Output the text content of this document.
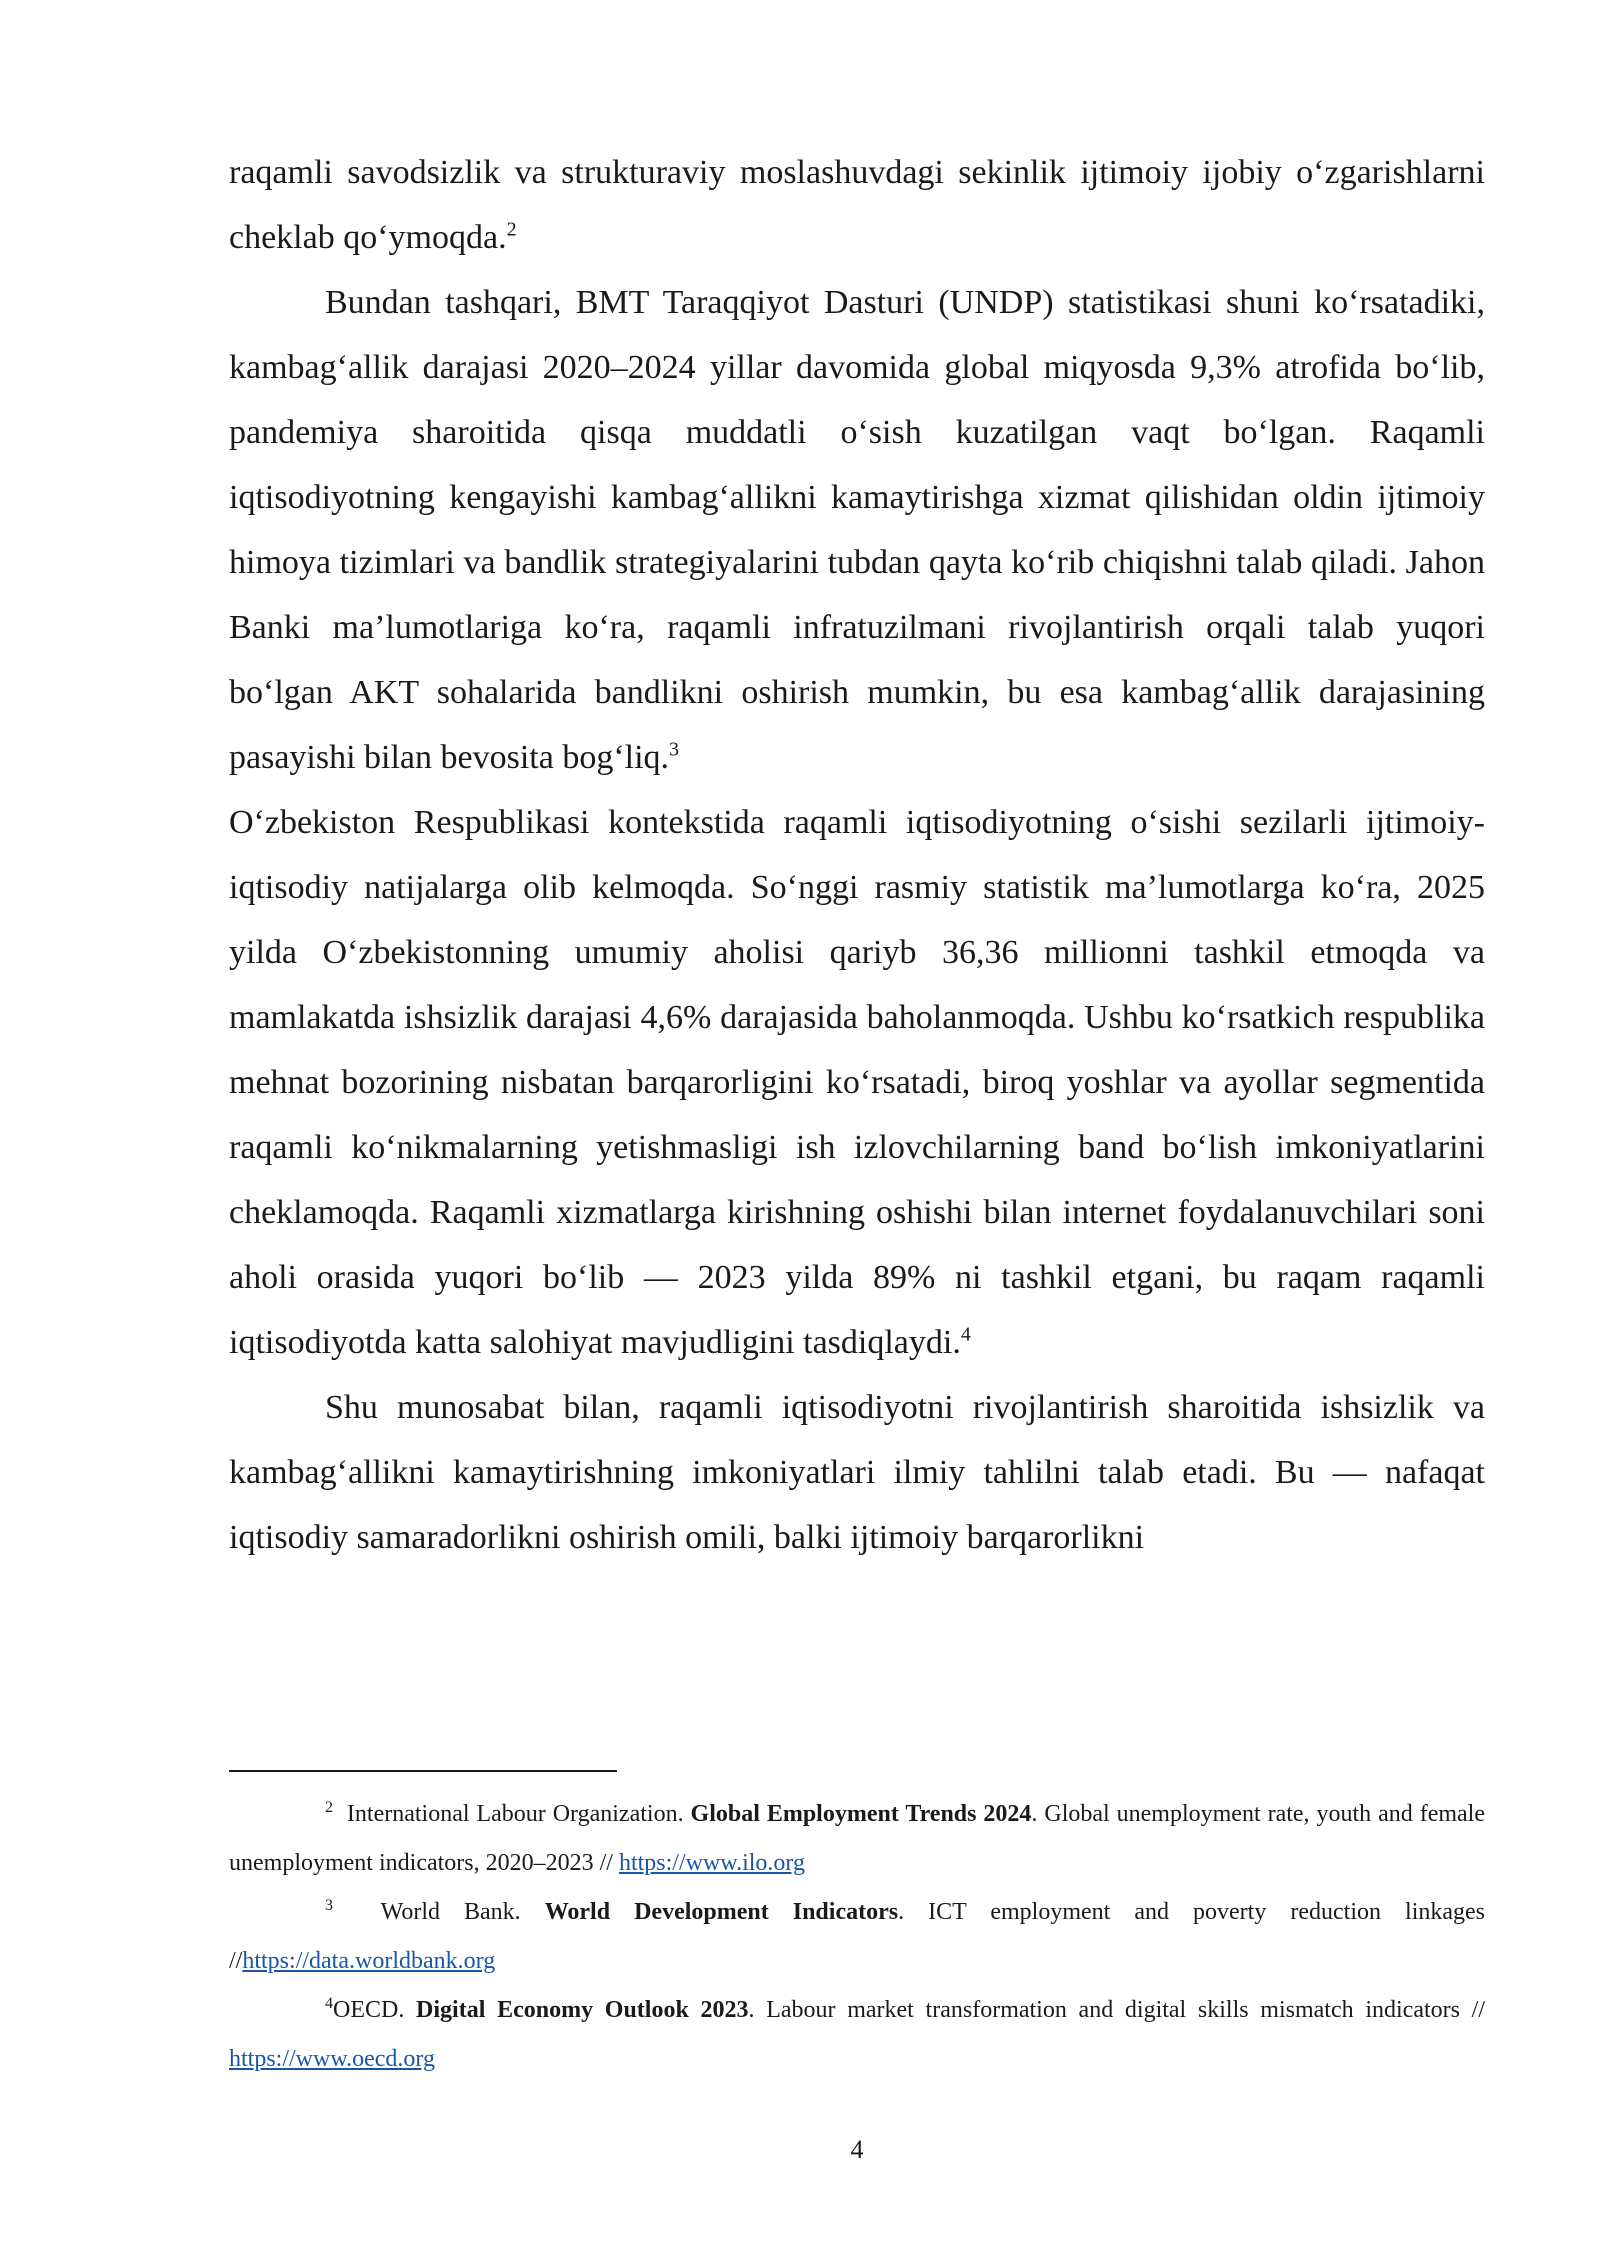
raqamli savodsizlik va strukturaviy moslashuvdagi sekinlik ijtimoiy ijobiy o‘zgarishlarni cheklab qo‘ymoqda.$^2$

Bundan tashqari, BMT Taraqqiyot Dasturi (UNDP) statistikasi shuni ko‘rsatadiki, kambag‘allik darajasi 2020–2024 yillar davomida global miqyosda 9,3% atrofida bo‘lib, pandemiya sharoitida qisqa muddatli o‘sish kuzatilgan vaqt bo‘lgan. Raqamli iqtisodiyotning kengayishi kambag‘allikni kamaytirishga xizmat qilishidan oldin ijtimoiy himoya tizimlari va bandlik strategiyalarini tubdan qayta ko‘rib chiqishni talab qiladi. Jahon Banki ma’lumotlariga ko‘ra, raqamli infratuzilmani rivojlantirish orqali talab yuqori bo‘lgan AKT sohalarida bandlikni oshirish mumkin, bu esa kambag‘allik darajasining pasayishi bilan bevosita bog‘liq.$^3$

O‘zbekiston Respublikasi kontekstida raqamli iqtisodiyotning o‘sishi sezilarli ijtimoiy-iqtisodiy natijalarga olib kelmoqda. So‘nggi rasmiy statistik ma’lumotlarga ko‘ra, 2025 yilda O‘zbekistonning umumiy aholisi qariyb 36,36 millionni tashkil etmoqda va mamlakatda ishsizlik darajasi 4,6% darajasida baholanmoqda. Ushbu ko‘rsatkich respublika mehnat bozorining nisbatan barqarorligini ko‘rsatadi, biroq yoshlar va ayollar segmentida raqamli ko‘nikmalarning yetishmasligi ish izlovchilarning band bo‘lish imkoniyatlarini cheklamoqda. Raqamli xizmatlarga kirishning oshishi bilan internet foydalanuvchilari soni aholi orasida yuqori bo‘lib — 2023 yilda 89% ni tashkil etgani, bu raqam raqamli iqtisodiyotda katta salohiyat mavjudligini tasdiqlaydi.$^4$

Shu munosabat bilan, raqamli iqtisodiyotni rivojlantirish sharoitida ishsizlik va kambag‘allikni kamaytirishning imkoniyatlari ilmiy tahlilni talab etadi. Bu — nafaqat iqtisodiy samaradorlikni oshirish omili, balki ijtimoiy barqarorlikni

$^2$ International Labour Organization. Global Employment Trends 2024. Global unemployment rate, youth and female unemployment indicators, 2020–2023 // https://www.ilo.org

$^3$ World Bank. World Development Indicators. ICT employment and poverty reduction linkages //https://data.worldbank.org

$^4$OECD. Digital Economy Outlook 2023. Labour market transformation and digital skills mismatch indicators // https://www.oecd.org

4
